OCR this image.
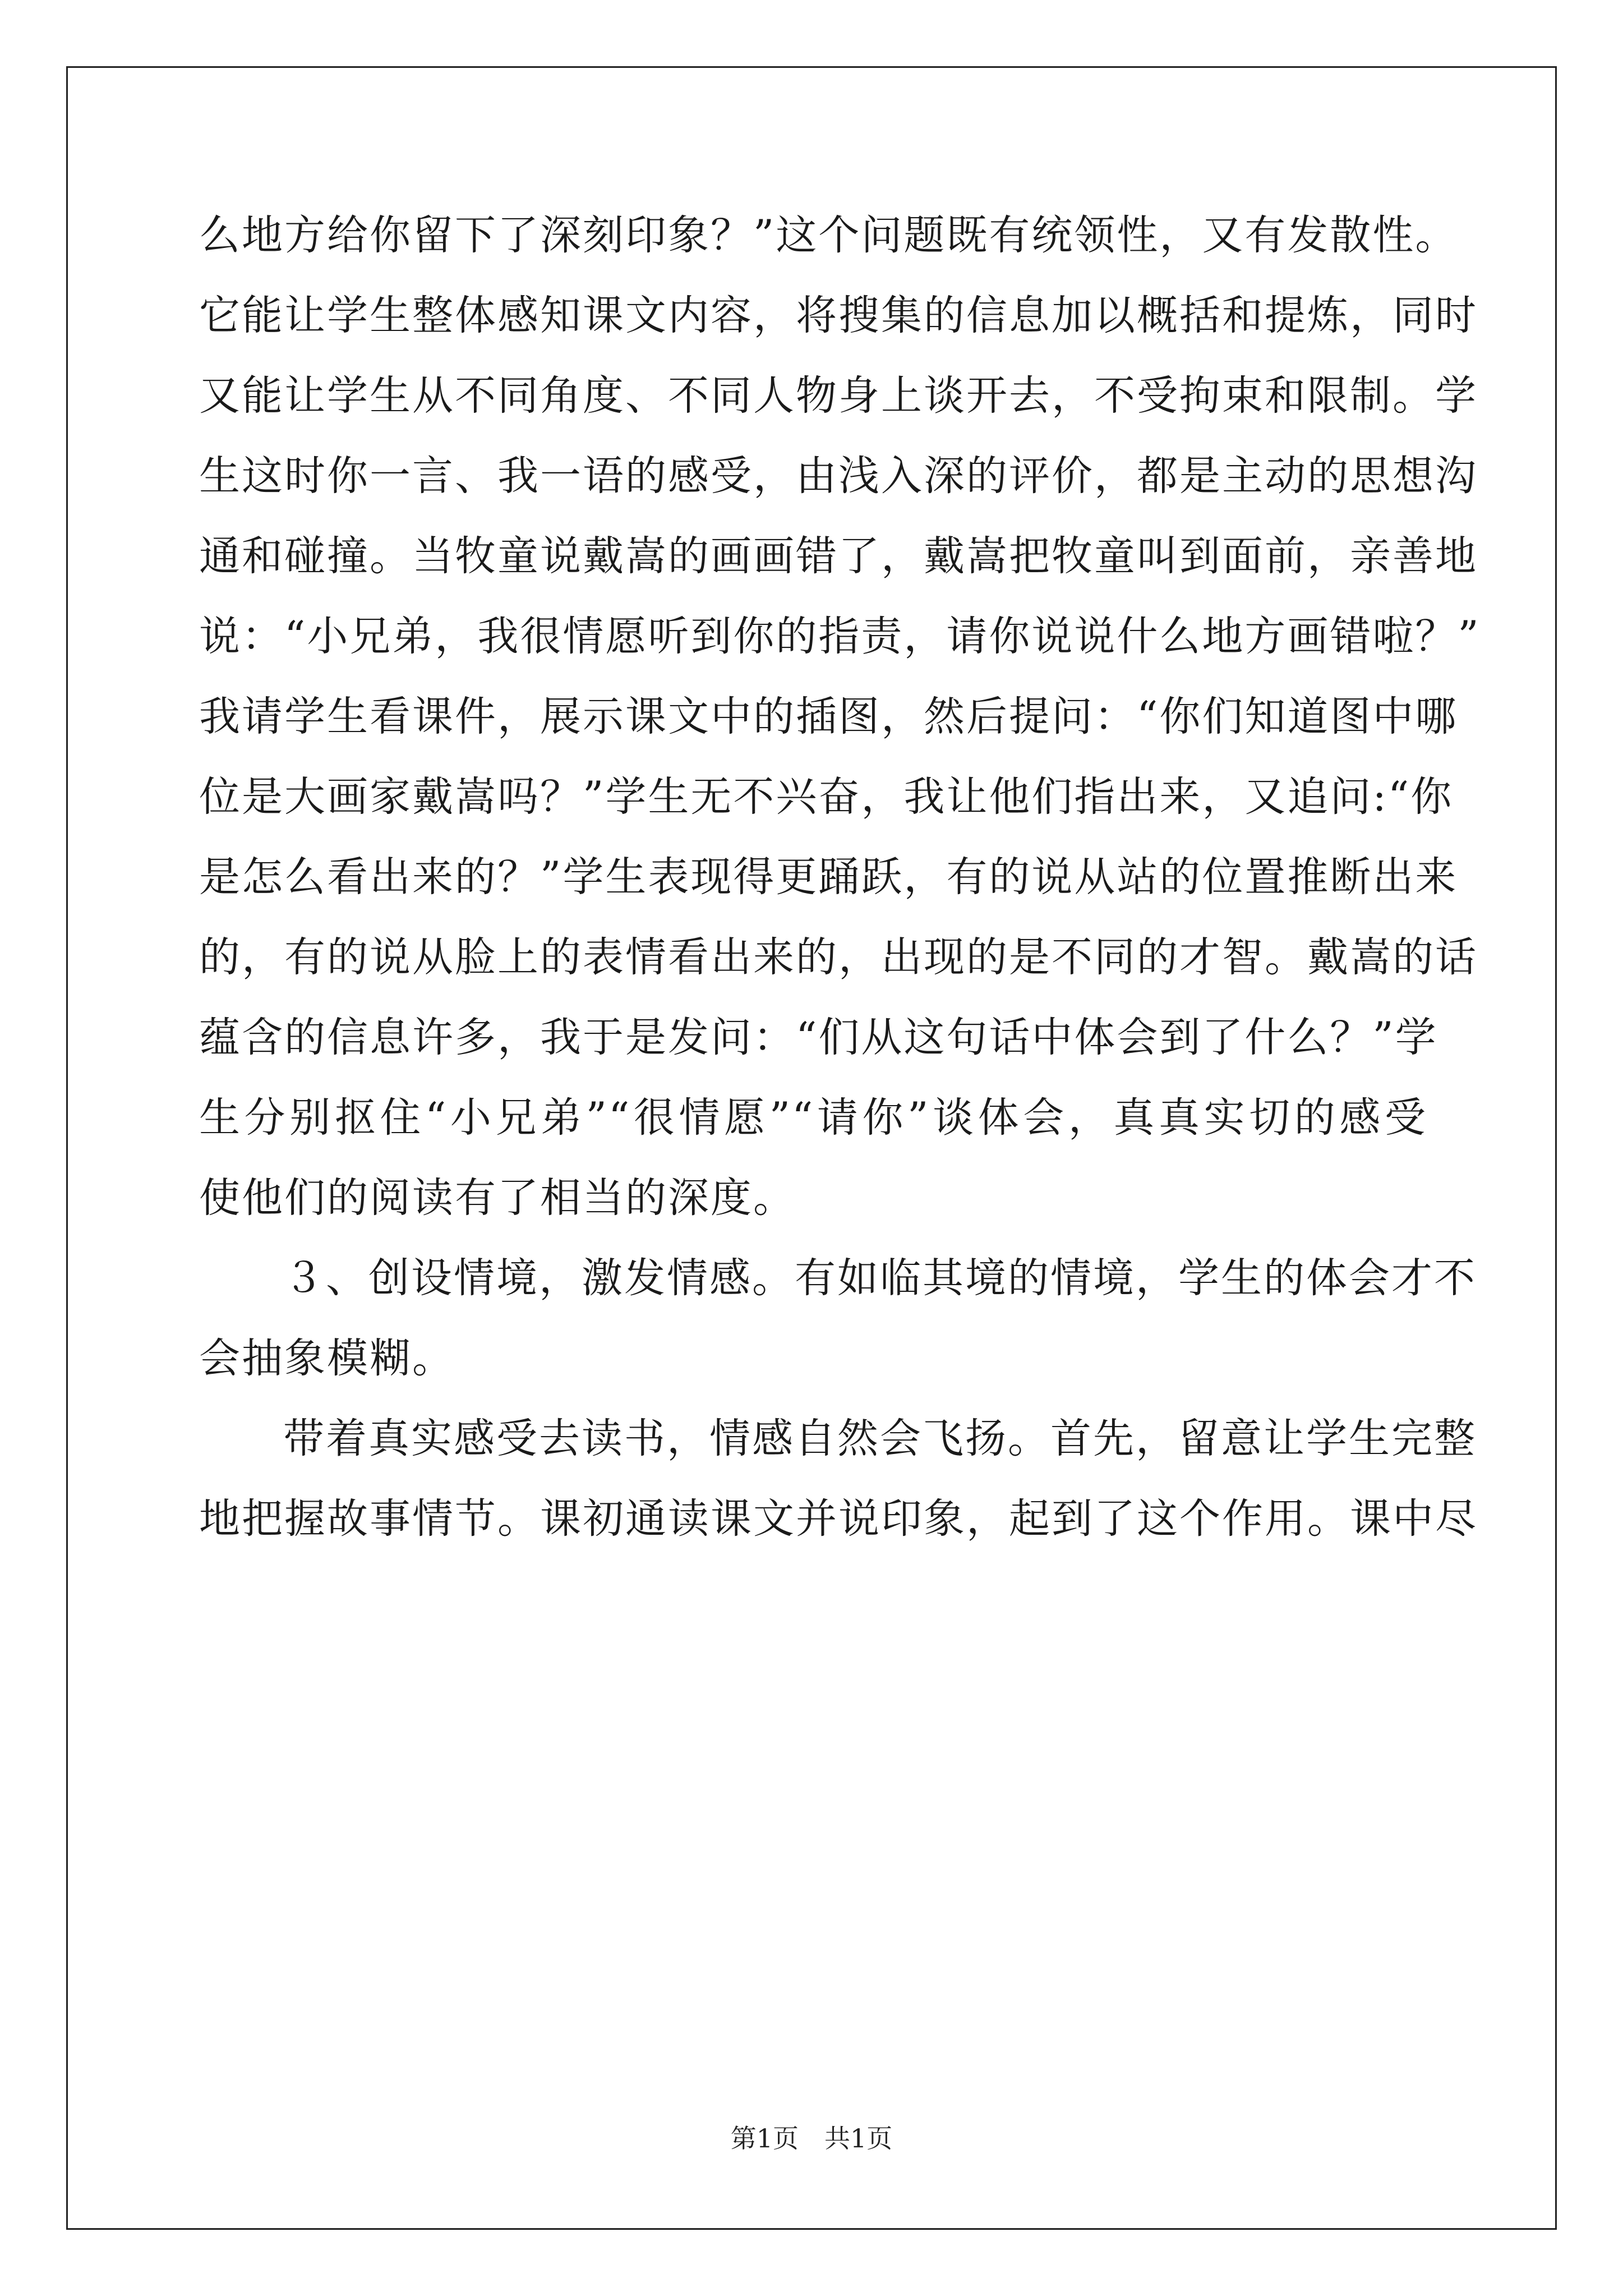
么地方给你留下了深刻印象？”这个问题既有统领性，又有发散性。
它能让学生整体感知课文内容，将搜集的信息加以概括和提炼，同时
又能让学生从不同角度、不同人物身上谈开去，不受拘束和限制。学
生这时你一言、我一语的感受，由浅入深的评价，都是主动的思想沟
通和碰撞。当牧童说戴嵩的画画错了，戴嵩把牧童叫到面前，亲善地
说：“小兄弟，我很情愿听到你的指责，请你说说什么地方画错啦？”
我请学生看课件，展示课文中的插图，然后提问：“你们知道图中哪
位是大画家戴嵩吗？”学生无不兴奋，我让他们指出来，又追问:“你
是怎么看出来的？”学生表现得更踊跃，有的说从站的位置推断出来
的，有的说从脸上的表情看出来的，出现的是不同的才智。戴嵩的话
蕴含的信息许多，我于是发问：“们从这句话中体会到了什么？”学
生分别抠住“小兄弟”“很情愿”“请你”谈体会，真真实切的感受
使他们的阅读有了相当的深度。
３、创设情境，激发情感。有如临其境的情境，学生的体会才不
会抽象模糊。
带着真实感受去读书，情感自然会飞扬。首先，留意让学生完整
地把握故事情节。课初通读课文并说印象，起到了这个作用。课中尽
第1页 共1页
